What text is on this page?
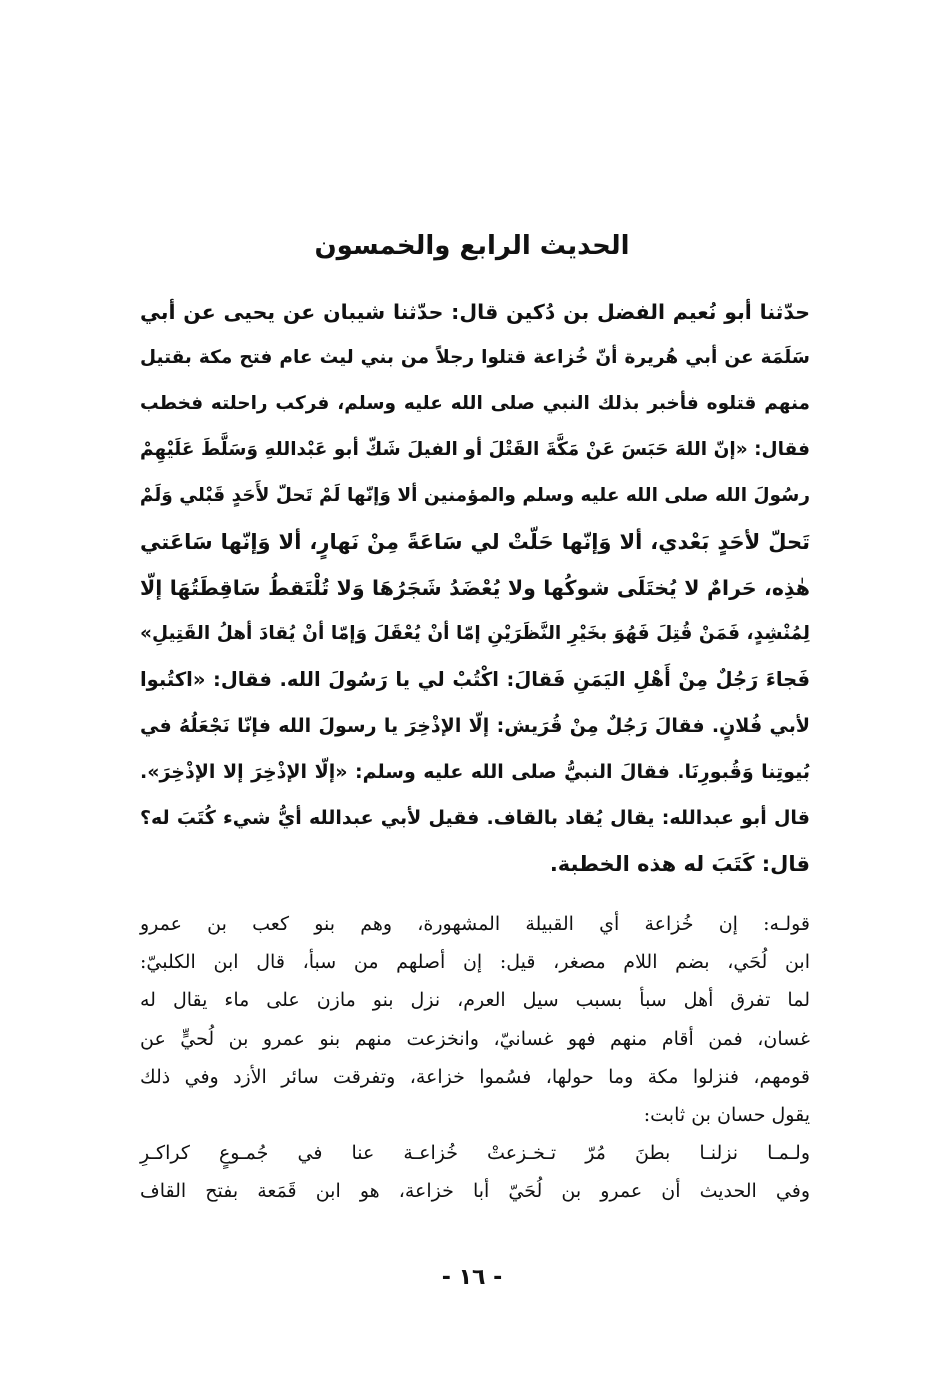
الحديث الرابع والخمسون
حدّثنا أبو نُعيم الفضل بن دُكين قال: حدّثنا شيبان عن يحيى عن أبي
سَلَمَة عن أبي هُريرة أنّ خُزاعة قتلوا رجلاً من بني ليث عام فتح مكة بقتيل
منهم قتلوه فأخبر بذلك النبي صلى الله عليه وسلم، فركب راحلته فخطب
فقال: «إنّ اللهَ حَبَسَ عَنْ مَكَّةَ القَتْلَ أو الفيلَ شَكّ أبو عَبْداللهِ وَسَلَّطَ عَلَيْهِمْ
رسُولَ الله صلى الله عليه وسلم والمؤمنين ألا وَإنّها لَمْ تَحلّ لأَحَدٍ قَبْلي وَلَمْ
تَحلّ لأحَدٍ بَعْدي، ألا وَإنّها حَلّتْ لي سَاعَةً مِنْ نَهارٍ، ألا وَإنّها سَاعَتي
هٰذِه، حَرامٌ لا يُختَلَى شوكُها ولا يُعْضَدُ شَجَرُهَا وَلا تُلْتَقطُ سَاقِطَتُهَا إلّا
لِمُنْشِدٍ، فَمَنْ قُتِلَ فَهُوَ بخَيْرِ النَّظَرَيْنِ إمّا أنْ يُعْقَلَ وَإمّا أنْ يُقادَ أهلُ القَتِيلِ»
فَجاءَ رَجُلٌ مِنْ أَهْلِ اليَمَنِ فَقالَ: اكْتُبْ لي يا رَسُولَ الله. فقال: «اكتُبوا
لأبي فُلانٍ. فقالَ رَجُلٌ مِنْ قُرَيش: إلّا الإذْخِرَ يا رسولَ الله فإنّا نَجْعَلُهُ في
بُيوتِنا وَقُبورِنَا. فقالَ النبيُّ صلى الله عليه وسلم: «إلّا الإذْخِرَ إلا الإذْخِرَ».
قال أبو عبدالله: يقال يُقاد بالقاف. فقيل لأبي عبدالله أيُّ شيء كُتَبَ له؟
قال: كَتَبَ له هذه الخطبة.
قولـه: إن خُزاعة أي القبيلة المشهورة، وهم بنو كعب بن عمرو
ابن لُحَي، بضم اللام مصغر، قيل: إن أصلهم من سبأ، قال ابن الكلبيّ:
لما تفرق أهل سبأ بسبب سيل العرم، نزل بنو مازن على ماء يقال له
غسان، فمن أقام منهم فهو غسانيّ، وانخزعت منهم بنو عمرو بن لُحيٍّ عن
قومهم، فنزلوا مكة وما حولها، فسُموا خزاعة، وتفرقت سائر الأزد وفي ذلك
يقول حسان بن ثابت:
ولـمـا نزلنـا بطنَ مُرّ تـخـزعتْ خُزاعـة عنا في جُمـوعٍ كراكـرِ
وفي الحديث أن عمرو بن لُحَيّ أبا خزاعة، هو ابن قَمَعة بفتح القاف
- ١٦ -
